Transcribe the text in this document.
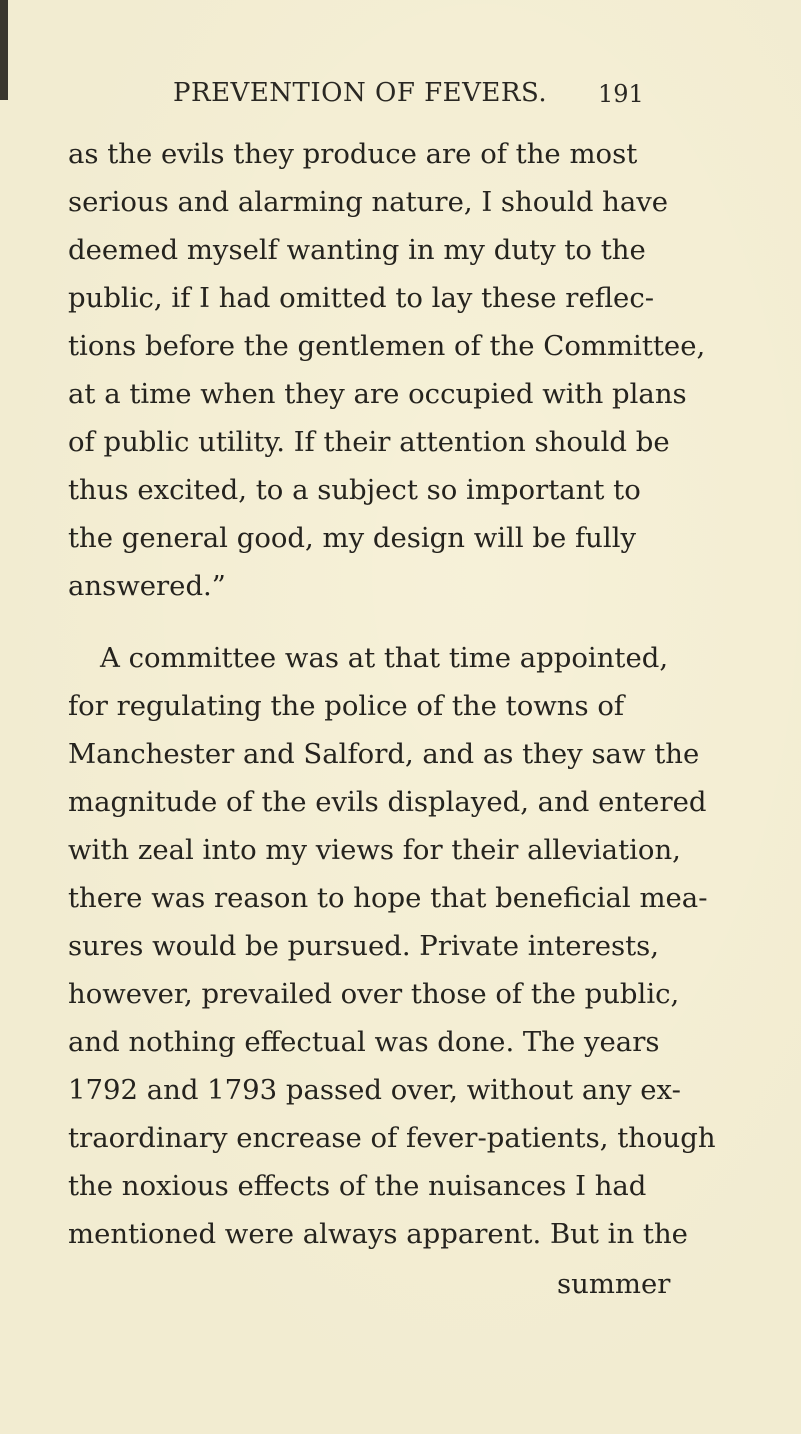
PREVENTION OF FEVERS. 191
as the evils they produce are of the most
serious and alarming nature, I should have
deemed myself wanting in my duty to the
public, if I had omitted to lay these reflec-
tions before the gentlemen of the Committee,
at a time when they are occupied with plans
of public utility. If their attention should be
thus excited, to a subject so important to
the general good, my design will be fully
answered.”
A committee was at that time appointed,
for regulating the police of the towns of
Manchester and Salford, and as they saw the
magnitude of the evils displayed, and entered
with zeal into my views for their alleviation,
there was reason to hope that beneficial mea-
sures would be pursued. Private interests,
however, prevailed over those of the public,
and nothing effectual was done. The years
1792 and 1793 passed over, without any ex-
traordinary encrease of fever-patients, though
the noxious effects of the nuisances I had
mentioned were always apparent. But in the
summer
